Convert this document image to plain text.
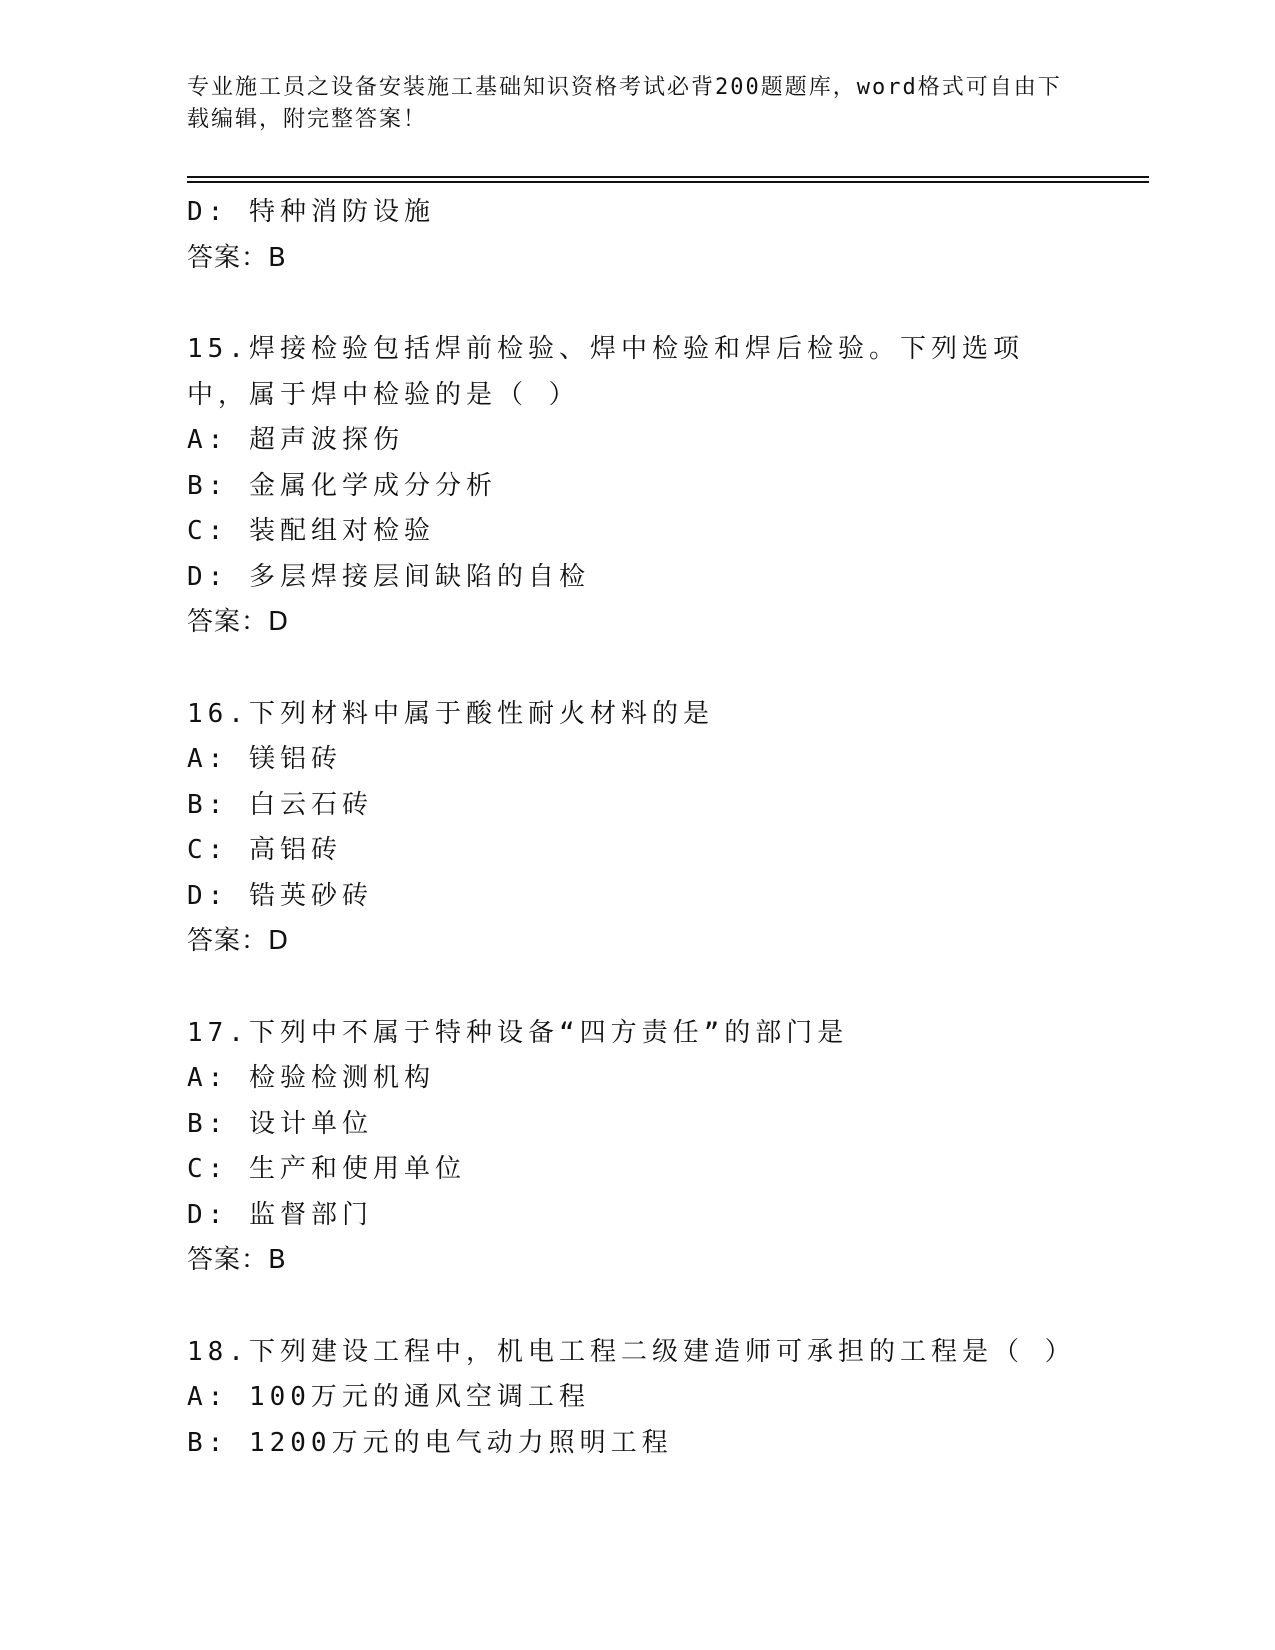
专业施工员之设备安装施工基础知识资格考试必背200题题库，word格式可自由下载编辑，附完整答案！

D: 特种消防设施
答案：B
15.焊接检验包括焊前检验、焊中检验和焊后检验。下列选项中，属于焊中检验的是（ ）
A: 超声波探伤
B: 金属化学成分分析
C: 装配组对检验
D: 多层焊接层间缺陷的自检
答案：D
16.下列材料中属于酸性耐火材料的是
A: 镁铝砖
B: 白云石砖
C: 高铝砖
D: 锆英砂砖
答案：D
17.下列中不属于特种设备“四方责任”的部门是
A: 检验检测机构
B: 设计单位
C: 生产和使用单位
D: 监督部门
答案：B
18.下列建设工程中，机电工程二级建造师可承担的工程是（ ）
A: 100万元的通风空调工程
B: 1200万元的电气动力照明工程
